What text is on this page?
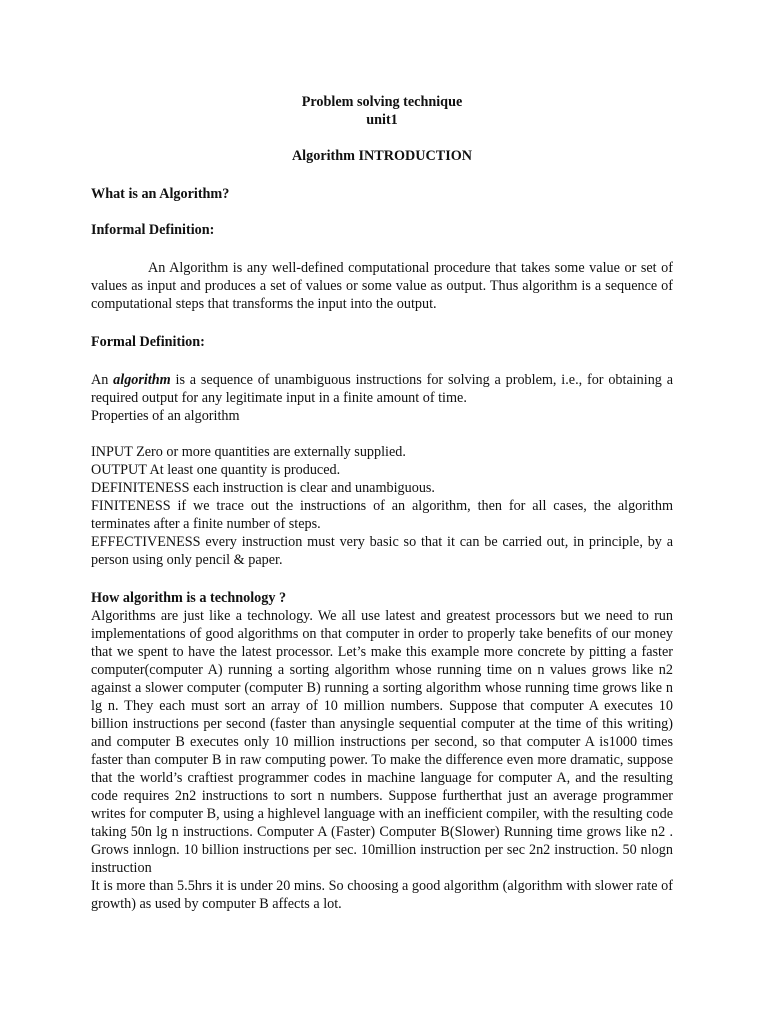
Problem solving technique

unit1

Algorithm INTRODUCTION

What is an Algorithm?

Informal Definition:

An Algorithm is any well-defined computational procedure that takes some value or set of values as input and produces a set of values or some value as output. Thus algorithm is a sequence of computational steps that transforms the input into the output.

Formal Definition:

An algorithm is a sequence of unambiguous instructions for solving a problem, i.e., for obtaining a required output for any legitimate input in a finite amount of time.

Properties of an algorithm

INPUT Zero or more quantities are externally supplied.

OUTPUT At least one quantity is produced.

DEFINITENESS each instruction is clear and unambiguous.

FINITENESS if we trace out the instructions of an algorithm, then for all cases, the algorithm terminates after a finite number of steps.

EFFECTIVENESS every instruction must very basic so that it can be carried out, in principle, by a person using only pencil & paper.

How algorithm is a technology ?

Algorithms are just like a technology. We all use latest and greatest processors but we need to run implementations of good algorithms on that computer in order to properly take benefits of our money that we spent to have the latest processor. Let’s make this example more concrete by pitting a faster computer(computer A) running a sorting algorithm whose running time on n values grows like n2 against a slower computer (computer B) running a sorting algorithm whose running time grows like n lg n. They each must sort an array of 10 million numbers. Suppose that computer A executes 10 billion instructions per second (faster than anysingle sequential computer at the time of this writing) and computer B executes only 10 million instructions per second, so that computer A is1000 times faster than computer B in raw computing power. To make the difference even more dramatic, suppose that the world’s craftiest programmer codes in machine language for computer A, and the resulting code requires 2n2 instructions to sort n numbers. Suppose furtherthat just an average programmer writes for computer B, using a highlevel language with an inefficient compiler, with the resulting code taking 50n lg n instructions. Computer A (Faster) Computer B(Slower) Running time grows like n2 . Grows innlogn. 10 billion instructions per sec. 10million instruction per sec 2n2 instruction. 50 nlogn instruction

It is more than 5.5hrs it is under 20 mins. So choosing a good algorithm (algorithm with slower rate of growth) as used by computer B affects a lot.
